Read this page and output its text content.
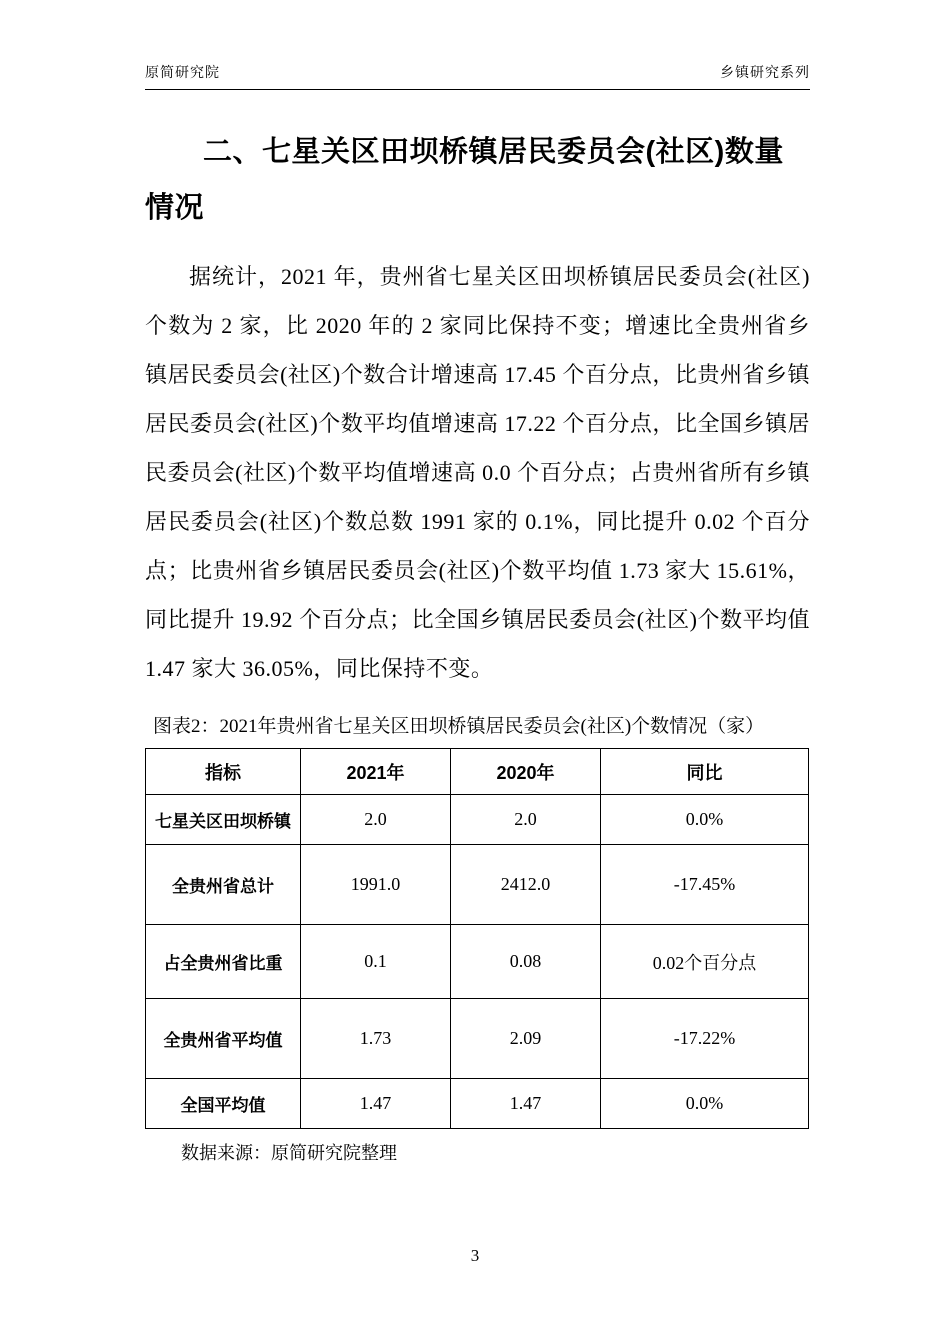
原简研究院	乡镇研究系列
二、七星关区田坝桥镇居民委员会(社区)数量情况

据统计，2021 年，贵州省七星关区田坝桥镇居民委员会(社区)个数为 2 家，比 2020 年的 2 家同比保持不变；增速比全贵州省乡镇居民委员会(社区)个数合计增速高 17.45 个百分点，比贵州省乡镇居民委员会(社区)个数平均值增速高 17.22 个百分点，比全国乡镇居民委员会(社区)个数平均值增速高 0.0 个百分点；占贵州省所有乡镇居民委员会(社区)个数总数 1991 家的 0.1%，同比提升 0.02 个百分点；比贵州省乡镇居民委员会(社区)个数平均值 1.73 家大 15.61%，同比提升 19.92 个百分点；比全国乡镇居民委员会(社区)个数平均值 1.47 家大 36.05%，同比保持不变。

图表2：2021年贵州省七星关区田坝桥镇居民委员会(社区)个数情况（家）
指标	2021年	2020年	同比
七星关区田坝桥镇	2.0	2.0	0.0%
全贵州省总计	1991.0	2412.0	-17.45%
占全贵州省比重	0.1	0.08	0.02个百分点
全贵州省平均值	1.73	2.09	-17.22%
全国平均值	1.47	1.47	0.0%
数据来源：原简研究院整理
3
